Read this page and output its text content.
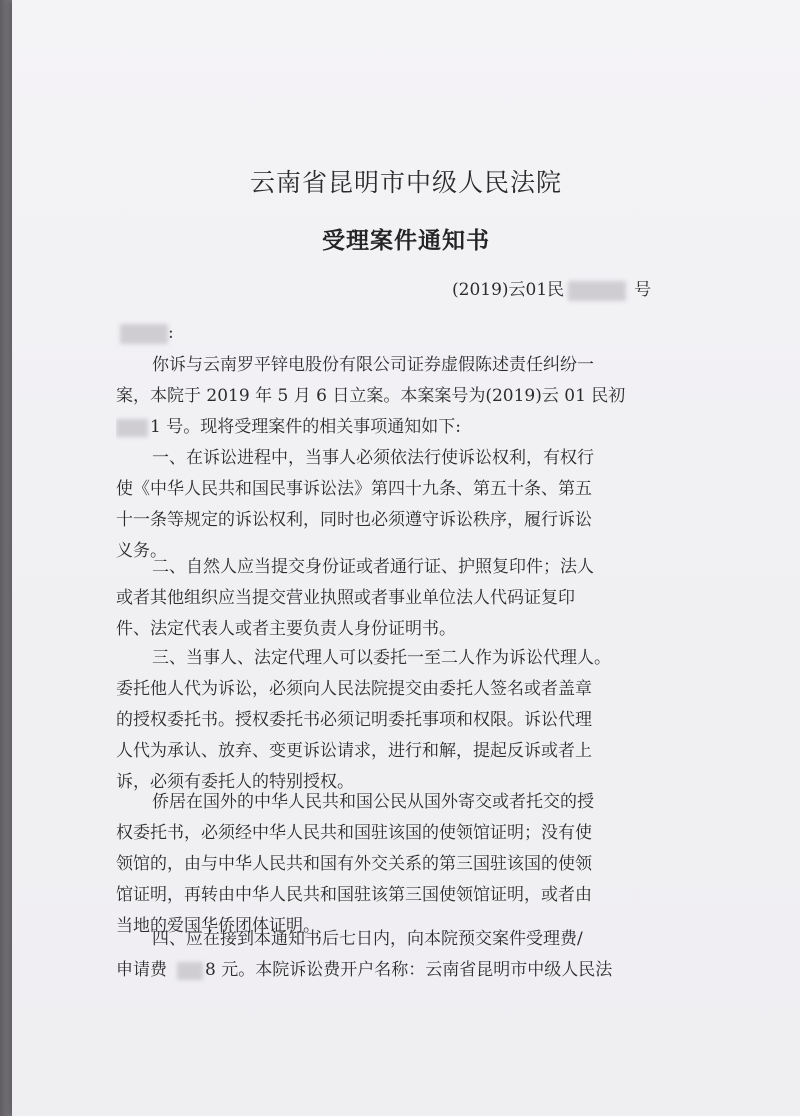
云南省昆明市中级人民法院
受理案件通知书
(2019)云01民	号
:
你诉与云南罗平锌电股份有限公司证券虚假陈述责任纠纷一
案，本院于 2019 年 5 月 6 日立案。本案案号为(2019)云 01 民初
1 号。现将受理案件的相关事项通知如下:
一、在诉讼进程中，当事人必须依法行使诉讼权利，有权行
使《中华人民共和国民事诉讼法》第四十九条、第五十条、第五
十一条等规定的诉讼权利，同时也必须遵守诉讼秩序，履行诉讼
义务。
二、自然人应当提交身份证或者通行证、护照复印件；法人
或者其他组织应当提交营业执照或者事业单位法人代码证复印
件、法定代表人或者主要负责人身份证明书。
三、当事人、法定代理人可以委托一至二人作为诉讼代理人。
委托他人代为诉讼，必须向人民法院提交由委托人签名或者盖章
的授权委托书。授权委托书必须记明委托事项和权限。诉讼代理
人代为承认、放弃、变更诉讼请求，进行和解，提起反诉或者上
诉，必须有委托人的特别授权。
侨居在国外的中华人民共和国公民从国外寄交或者托交的授
权委托书，必须经中华人民共和国驻该国的使领馆证明；没有使
领馆的，由与中华人民共和国有外交关系的第三国驻该国的使领
馆证明，再转由中华人民共和国驻该第三国使领馆证明，或者由
当地的爱国华侨团体证明。
四、应在接到本通知书后七日内，向本院预交案件受理费/
申请费 8 元。本院诉讼费开户名称：云南省昆明市中级人民法
